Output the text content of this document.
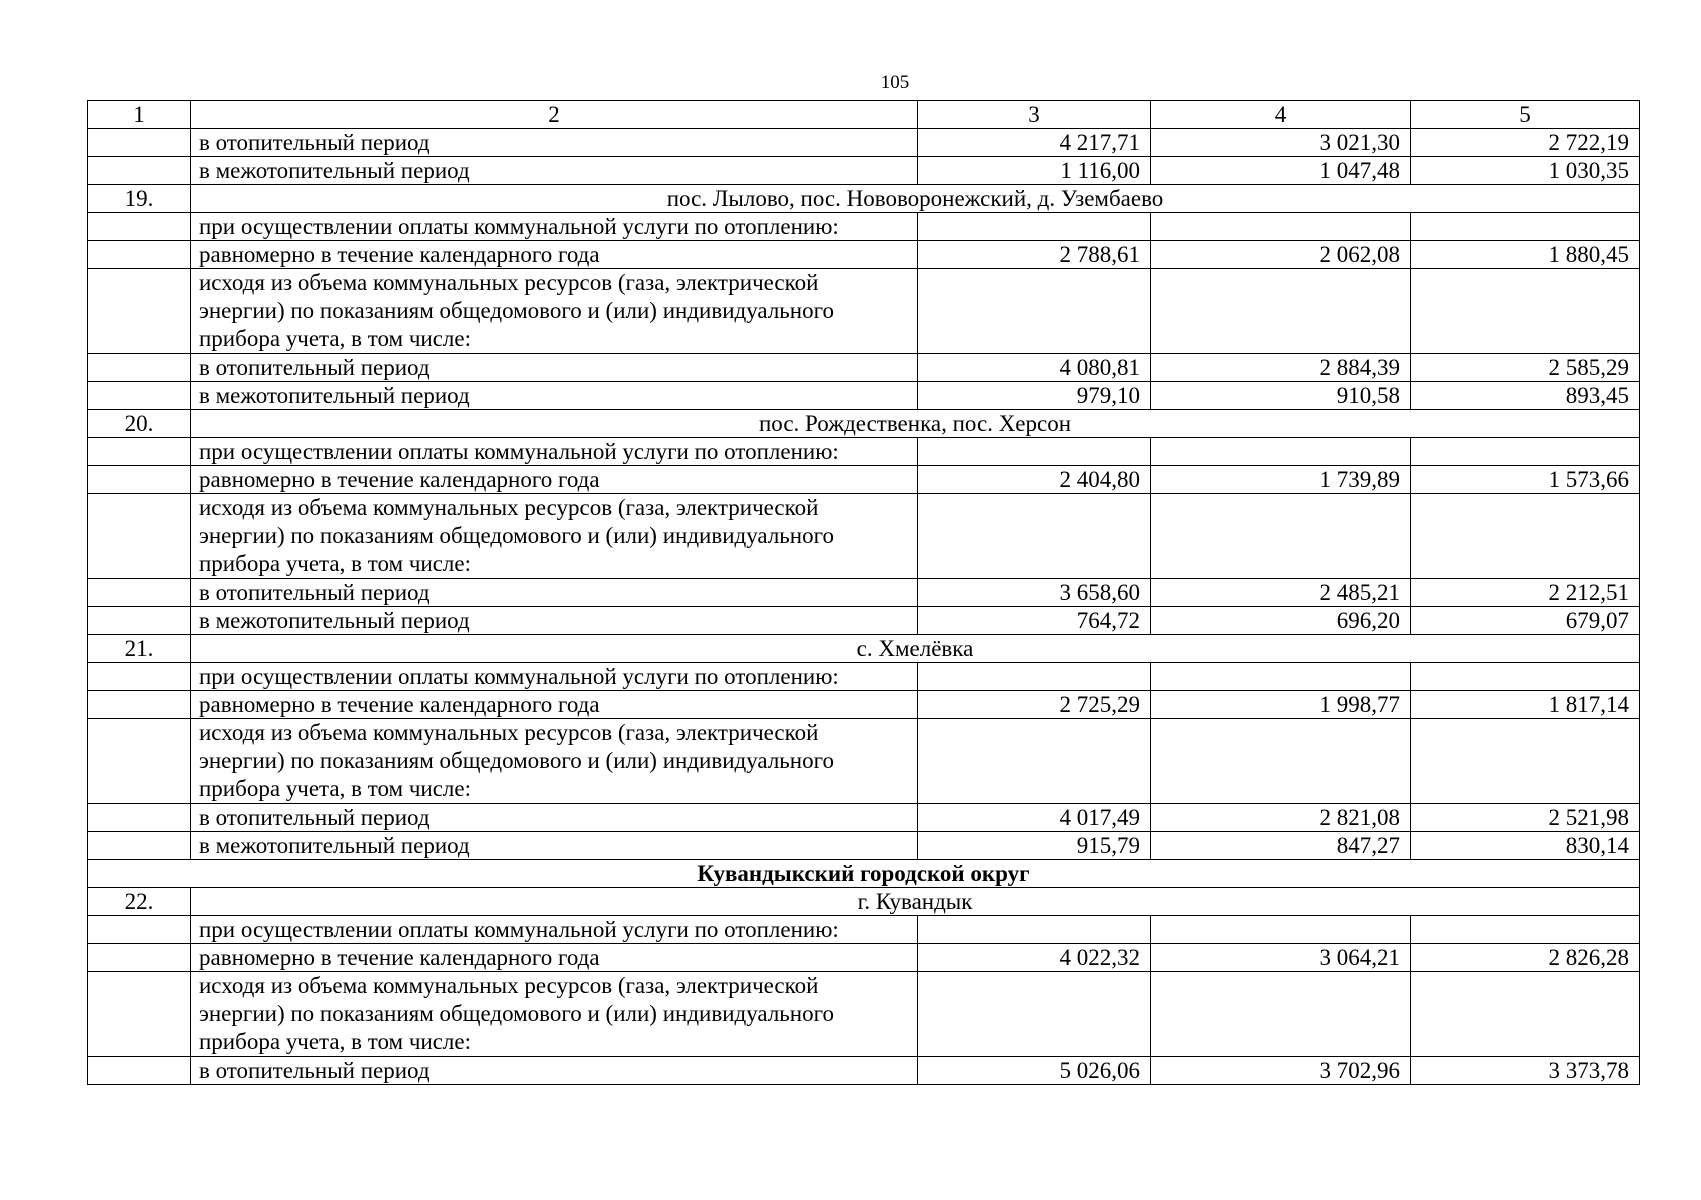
105
1	2	3	4	5
	в отопительный период	4 217,71	3 021,30	2 722,19
	в межотопительный период	1 116,00	1 047,48	1 030,35
19.	пос. Лылово, пос. Нововоронежский, д. Узембаево			
	при осуществлении оплаты коммунальной услуги по отоплению:			
	равномерно в течение календарного года	2 788,61	2 062,08	1 880,45
	исходя из объема коммунальных ресурсов (газа, электрической энергии) по показаниям общедомового и (или) индивидуального прибора учета, в том числе:			
	в отопительный период	4 080,81	2 884,39	2 585,29
	в межотопительный период	979,10	910,58	893,45
20.	пос. Рождественка, пос. Херсон			
	при осуществлении оплаты коммунальной услуги по отоплению:			
	равномерно в течение календарного года	2 404,80	1 739,89	1 573,66
	исходя из объема коммунальных ресурсов (газа, электрической энергии) по показаниям общедомового и (или) индивидуального прибора учета, в том числе:			
	в отопительный период	3 658,60	2 485,21	2 212,51
	в межотопительный период	764,72	696,20	679,07
21.	с. Хмелёвка			
	при осуществлении оплаты коммунальной услуги по отоплению:			
	равномерно в течение календарного года	2 725,29	1 998,77	1 817,14
	исходя из объема коммунальных ресурсов (газа, электрической энергии) по показаниям общедомового и (или) индивидуального прибора учета, в том числе:			
	в отопительный период	4 017,49	2 821,08	2 521,98
	в межотопительный период	915,79	847,27	830,14
Кувандыкский городской округ				
22.	г. Кувандык			
	при осуществлении оплаты коммунальной услуги по отоплению:			
	равномерно в течение календарного года	4 022,32	3 064,21	2 826,28
	исходя из объема коммунальных ресурсов (газа, электрической энергии) по показаниям общедомового и (или) индивидуального прибора учета, в том числе:			
	в отопительный период	5 026,06	3 702,96	3 373,78
